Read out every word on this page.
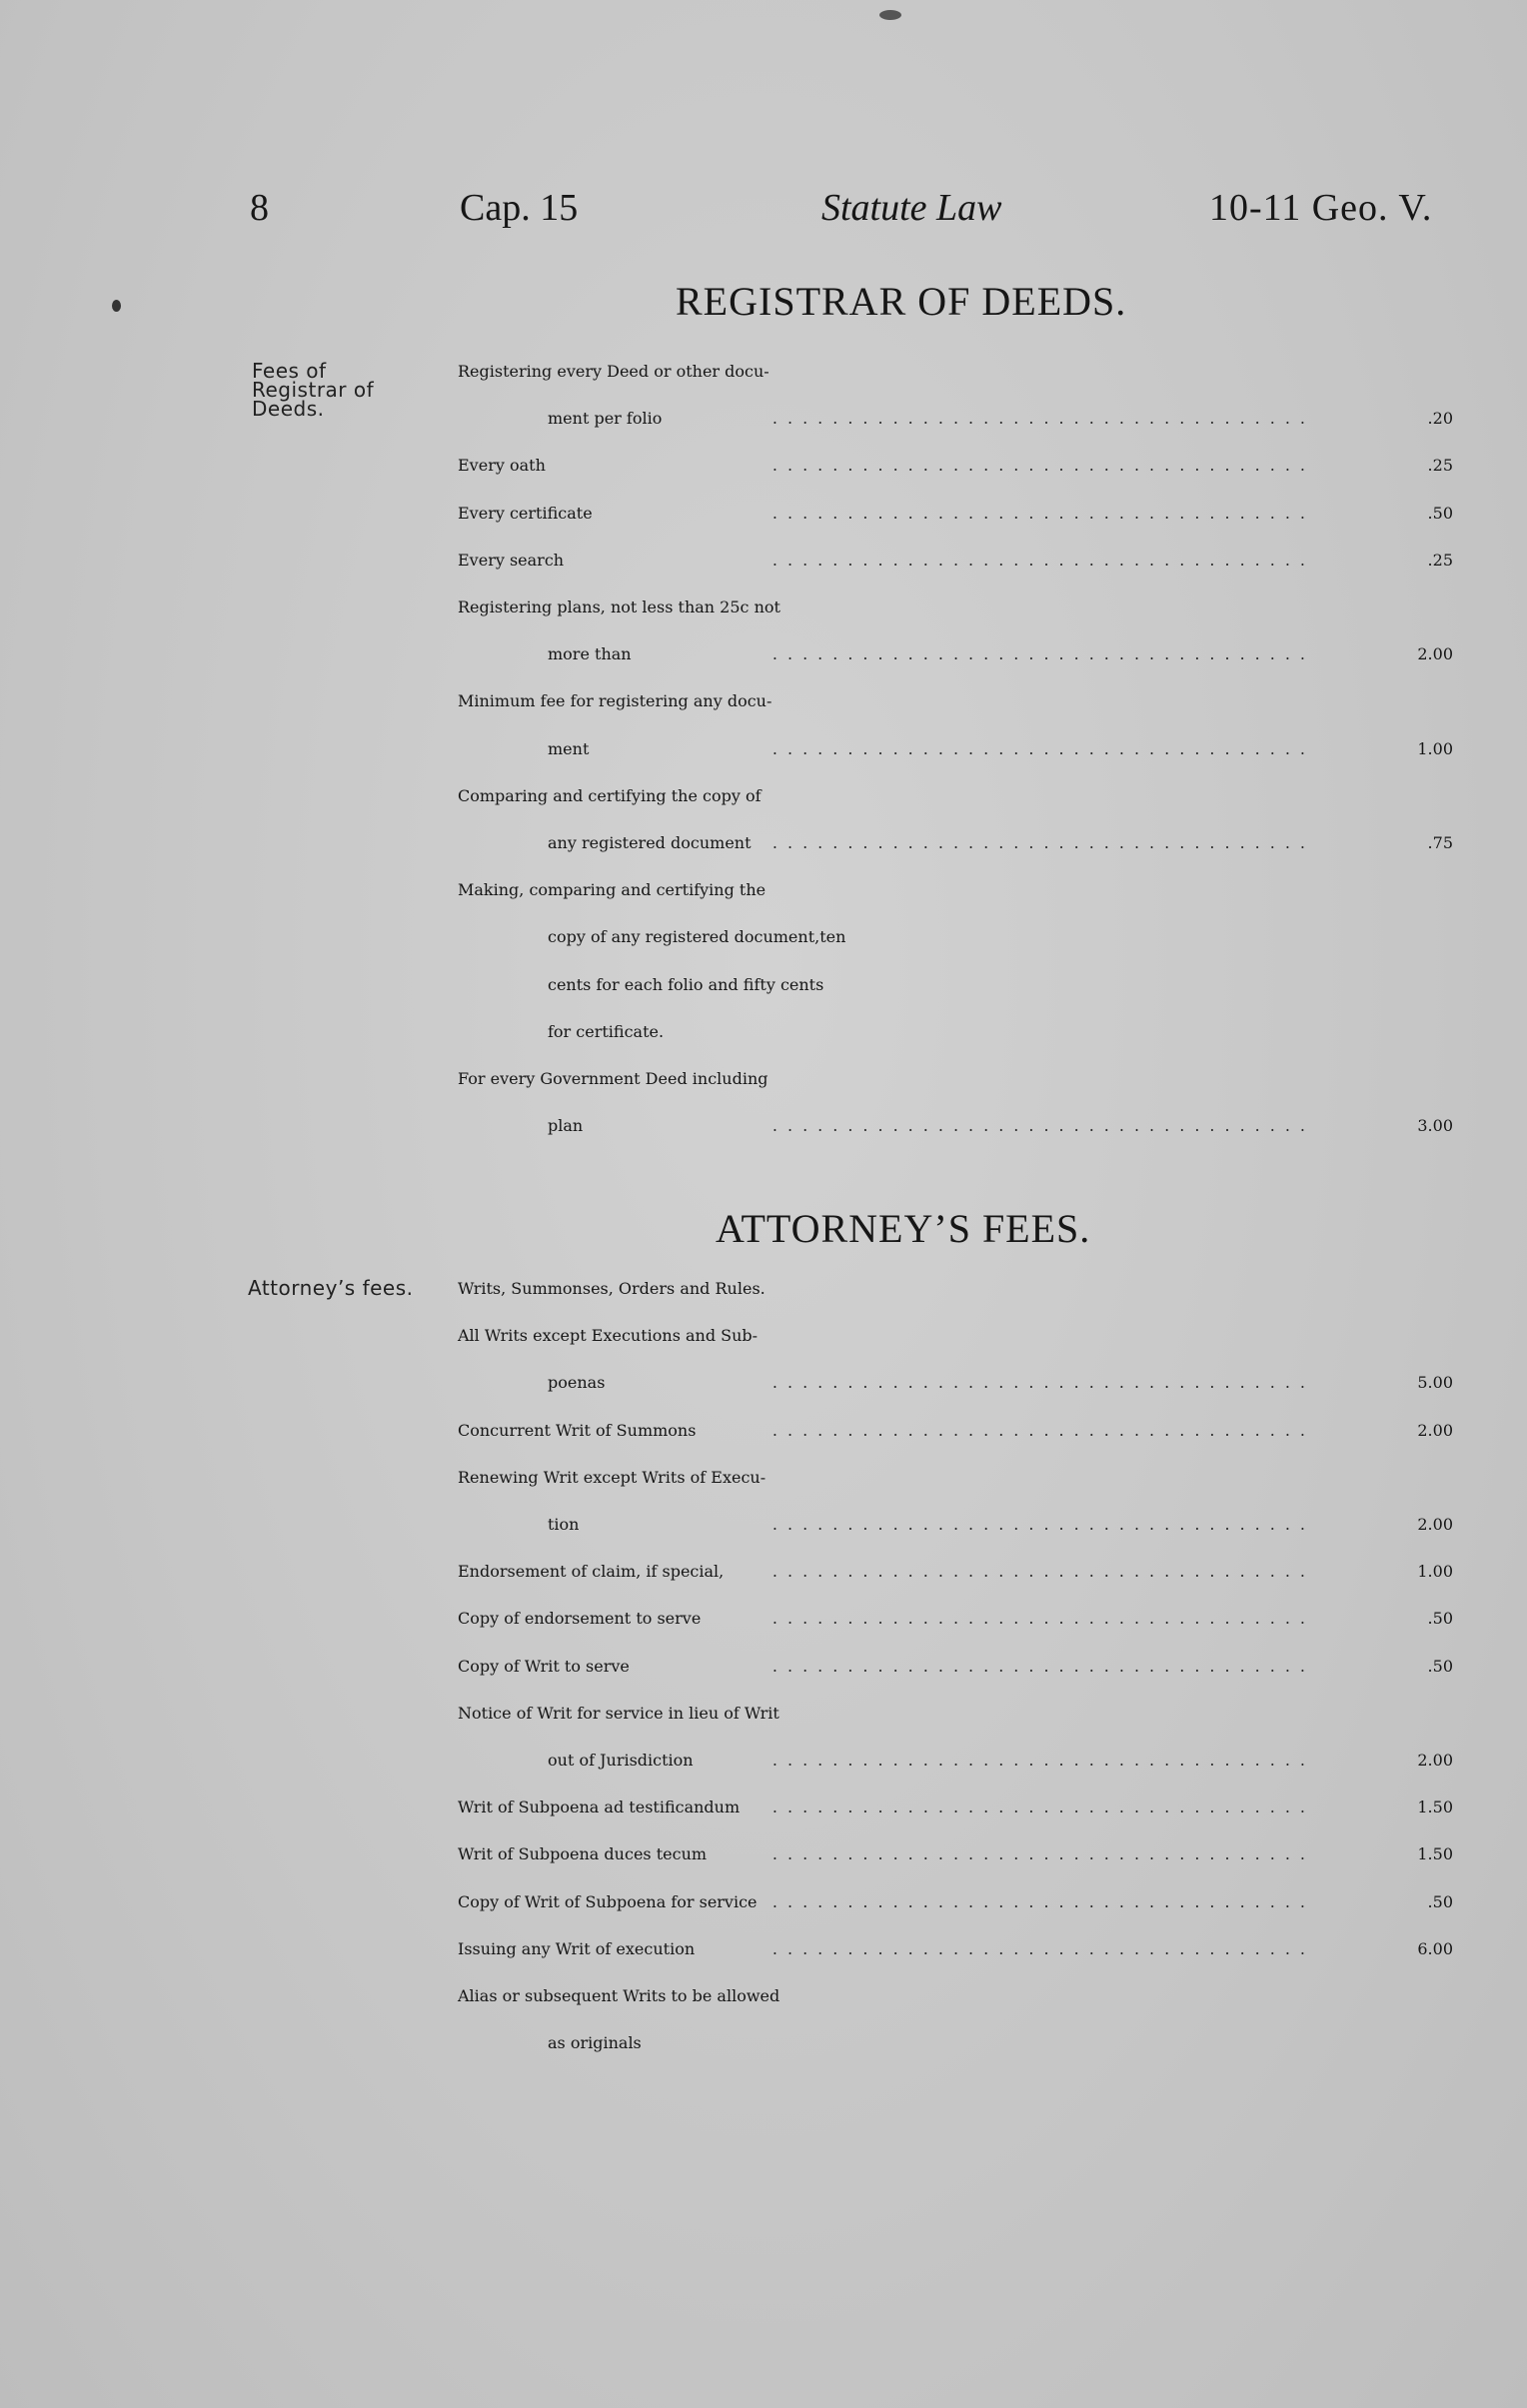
8	Cap. 15	Statute Law	10-11 Geo. V.
REGISTRAR OF DEEDS.
Fees of Registrar of Deeds.
Registering every Deed or other docu-
ment per folio	.20
....................................
Every oath	.25
....................................
Every certificate	.50
....................................
Every search	.25
....................................
Registering plans, not less than 25c not
more than	2.00
....................................
Minimum fee for registering any docu-
ment	1.00
....................................
Comparing and certifying the copy of
any registered document	.75
....................................
Making, comparing and certifying the
copy of any registered document,ten
cents for each folio and fifty cents
for certificate.
For every Government Deed including
plan	3.00
....................................
ATTORNEY’S FEES.
Attorney’s fees.	Writs, Summonses, Orders and Rules.
All Writs except Executions and Sub-
poenas	5.00
....................................
Concurrent Writ of Summons	2.00
....................................
Renewing Writ except Writs of Execu-
tion	2.00
....................................
Endorsement of claim, if special,	1.00
....................................
Copy of endorsement to serve	.50
....................................
Copy of Writ to serve	.50
....................................
Notice of Writ for service in lieu of Writ
out of Jurisdiction	2.00
....................................
Writ of Subpoena ad testificandum	1.50
....................................
Writ of Subpoena duces tecum	1.50
....................................
Copy of Writ of Subpoena for service	.50
....................................
Issuing any Writ of execution	6.00
....................................
Alias or subsequent Writs to be allowed
as originals
